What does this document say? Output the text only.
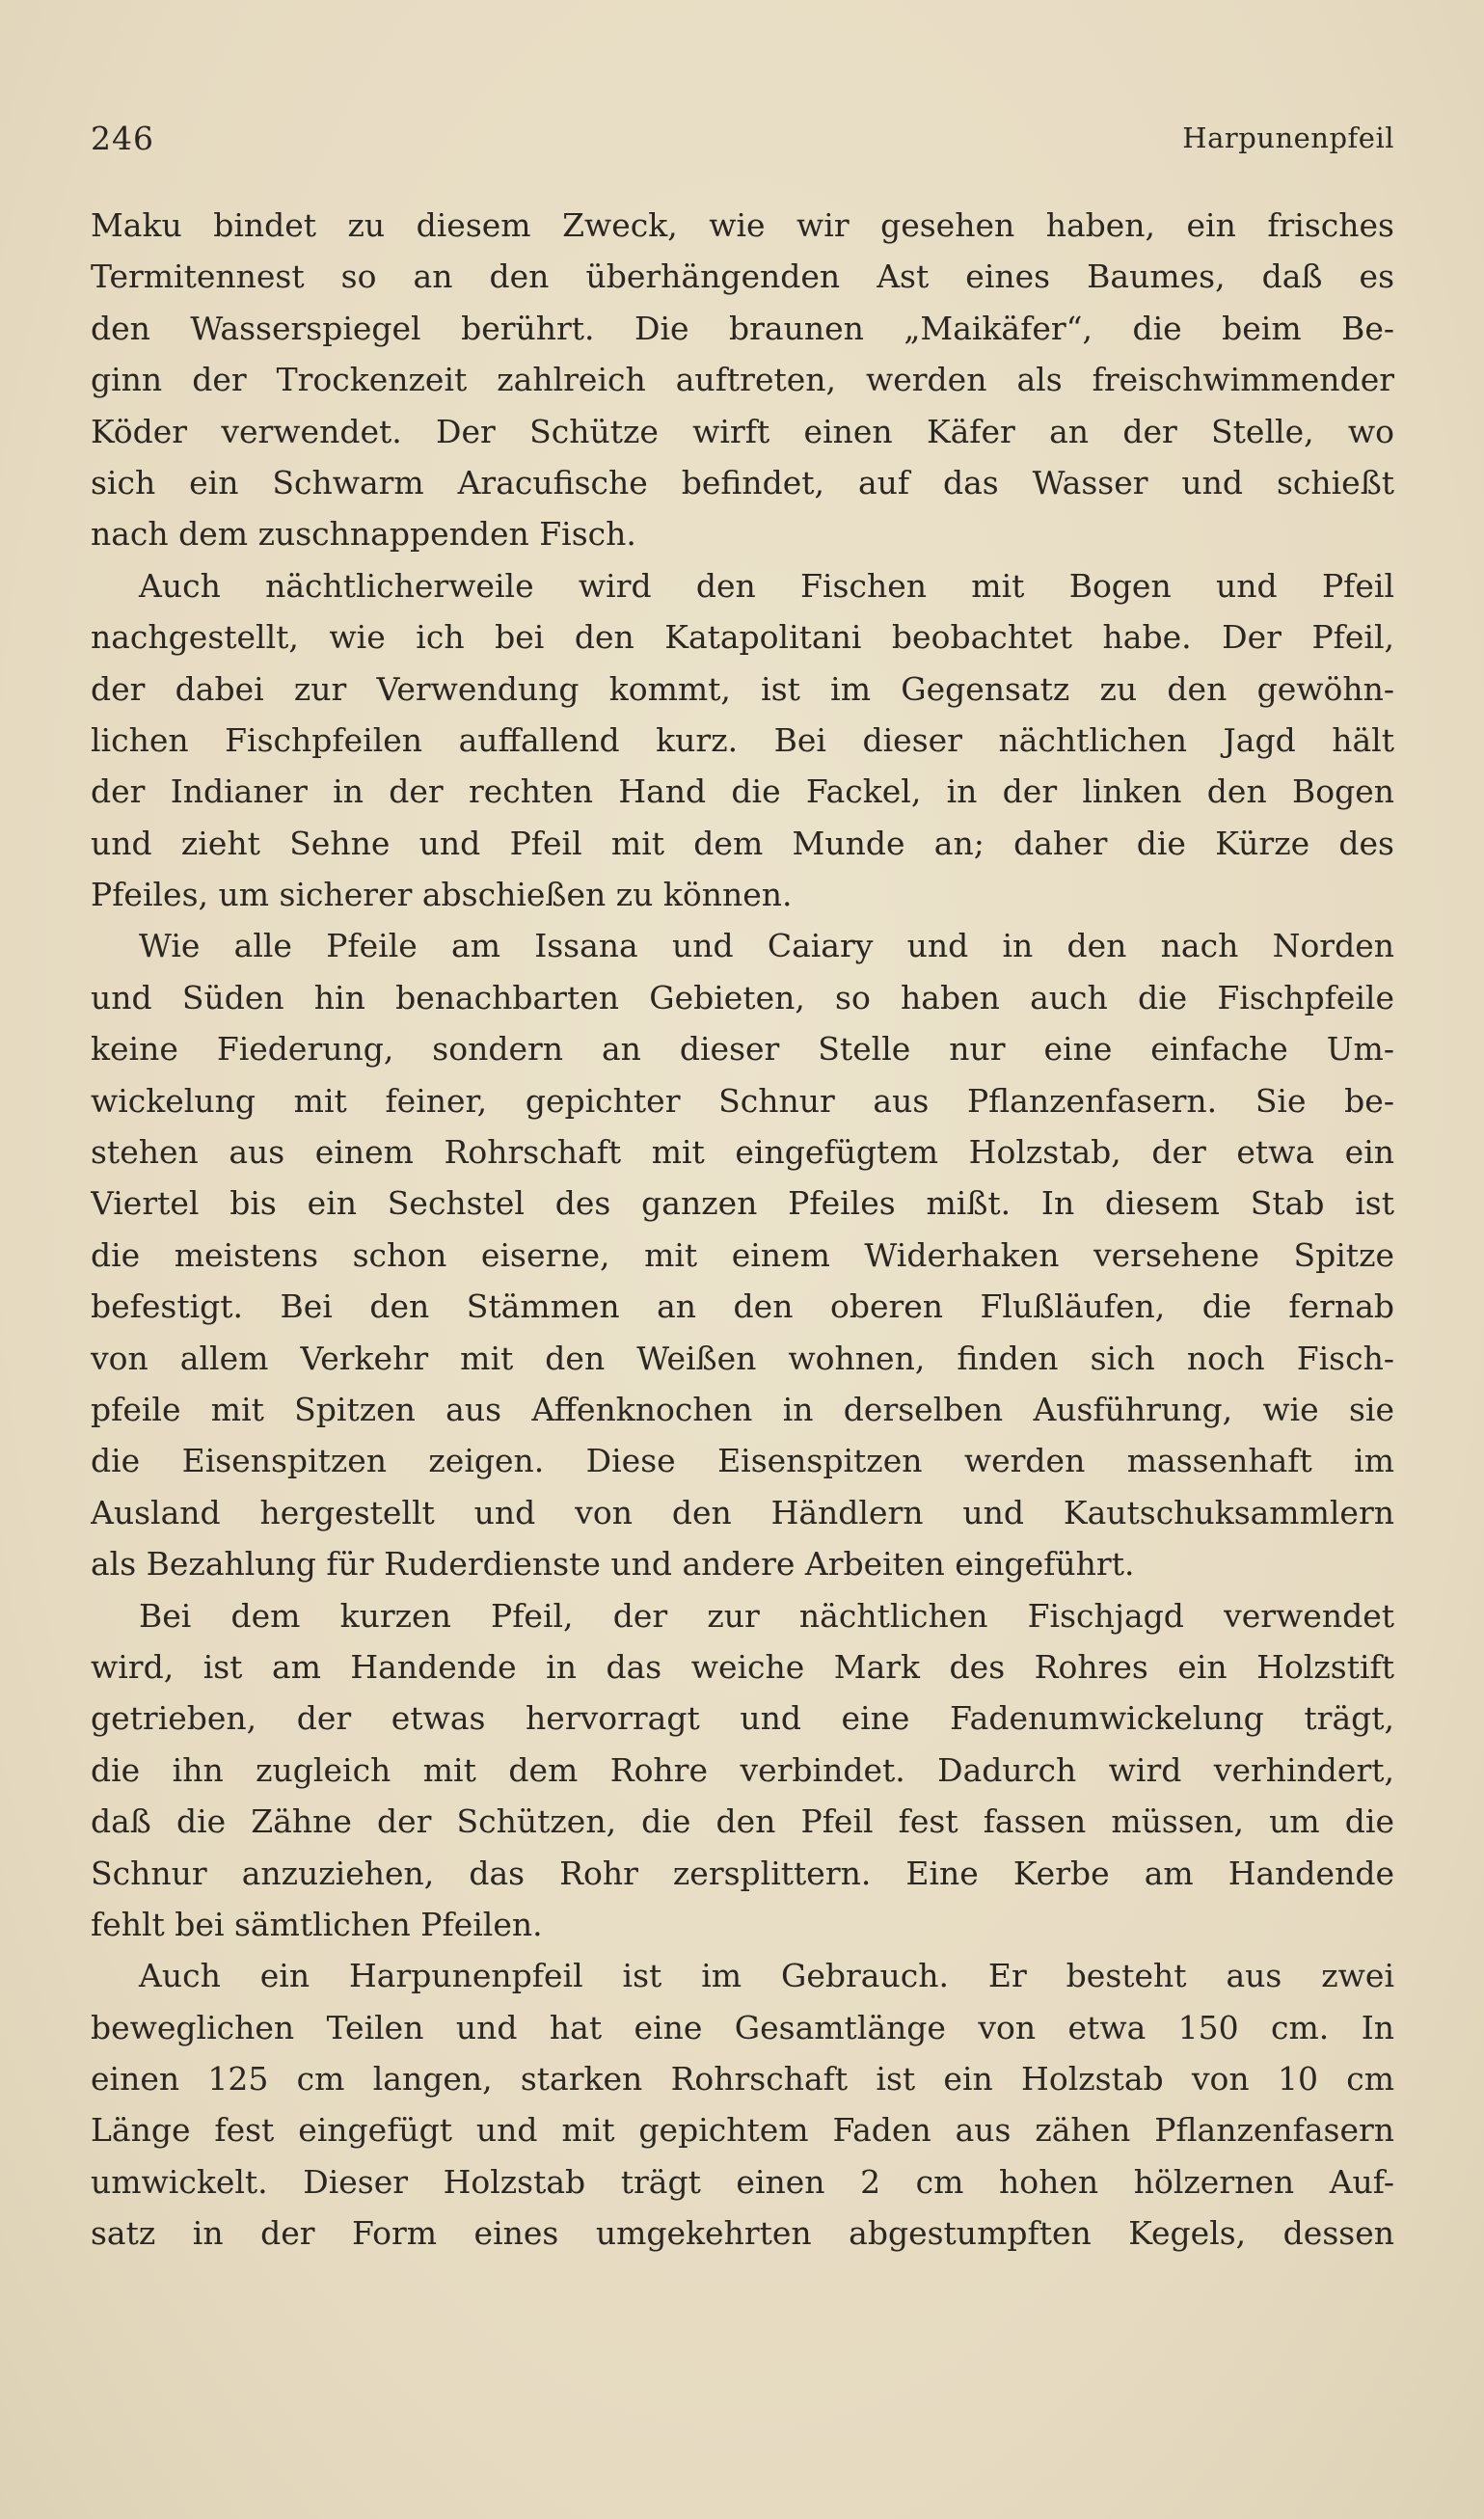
246	Harpunenpfeil
Maku bindet zu diesem Zweck, wie wir gesehen haben, ein frisches
Termitennest so an den überhängenden Ast eines Baumes, daß es
den Wasserspiegel berührt. Die braunen „Maikäfer“, die beim Be-
ginn der Trockenzeit zahlreich auftreten, werden als freischwimmender
Köder verwendet. Der Schütze wirft einen Käfer an der Stelle, wo
sich ein Schwarm Aracufische befindet, auf das Wasser und schießt
nach dem zuschnappenden Fisch.
Auch nächtlicherweile wird den Fischen mit Bogen und Pfeil
nachgestellt, wie ich bei den Katapolitani beobachtet habe. Der Pfeil,
der dabei zur Verwendung kommt, ist im Gegensatz zu den gewöhn-
lichen Fischpfeilen auffallend kurz. Bei dieser nächtlichen Jagd hält
der Indianer in der rechten Hand die Fackel, in der linken den Bogen
und zieht Sehne und Pfeil mit dem Munde an; daher die Kürze des
Pfeiles, um sicherer abschießen zu können.
Wie alle Pfeile am Issana und Caiary und in den nach Norden
und Süden hin benachbarten Gebieten, so haben auch die Fischpfeile
keine Fiederung, sondern an dieser Stelle nur eine einfache Um-
wickelung mit feiner, gepichter Schnur aus Pflanzenfasern. Sie be-
stehen aus einem Rohrschaft mit eingefügtem Holzstab, der etwa ein
Viertel bis ein Sechstel des ganzen Pfeiles mißt. In diesem Stab ist
die meistens schon eiserne, mit einem Widerhaken versehene Spitze
befestigt. Bei den Stämmen an den oberen Flußläufen, die fernab
von allem Verkehr mit den Weißen wohnen, finden sich noch Fisch-
pfeile mit Spitzen aus Affenknochen in derselben Ausführung, wie sie
die Eisenspitzen zeigen. Diese Eisenspitzen werden massenhaft im
Ausland hergestellt und von den Händlern und Kautschuksammlern
als Bezahlung für Ruderdienste und andere Arbeiten eingeführt.
Bei dem kurzen Pfeil, der zur nächtlichen Fischjagd verwendet
wird, ist am Handende in das weiche Mark des Rohres ein Holzstift
getrieben, der etwas hervorragt und eine Fadenumwickelung trägt,
die ihn zugleich mit dem Rohre verbindet. Dadurch wird verhindert,
daß die Zähne der Schützen, die den Pfeil fest fassen müssen, um die
Schnur anzuziehen, das Rohr zersplittern. Eine Kerbe am Handende
fehlt bei sämtlichen Pfeilen.
Auch ein Harpunenpfeil ist im Gebrauch. Er besteht aus zwei
beweglichen Teilen und hat eine Gesamtlänge von etwa 150 cm. In
einen 125 cm langen, starken Rohrschaft ist ein Holzstab von 10 cm
Länge fest eingefügt und mit gepichtem Faden aus zähen Pflanzenfasern
umwickelt. Dieser Holzstab trägt einen 2 cm hohen hölzernen Auf-
satz in der Form eines umgekehrten abgestumpften Kegels, dessen
